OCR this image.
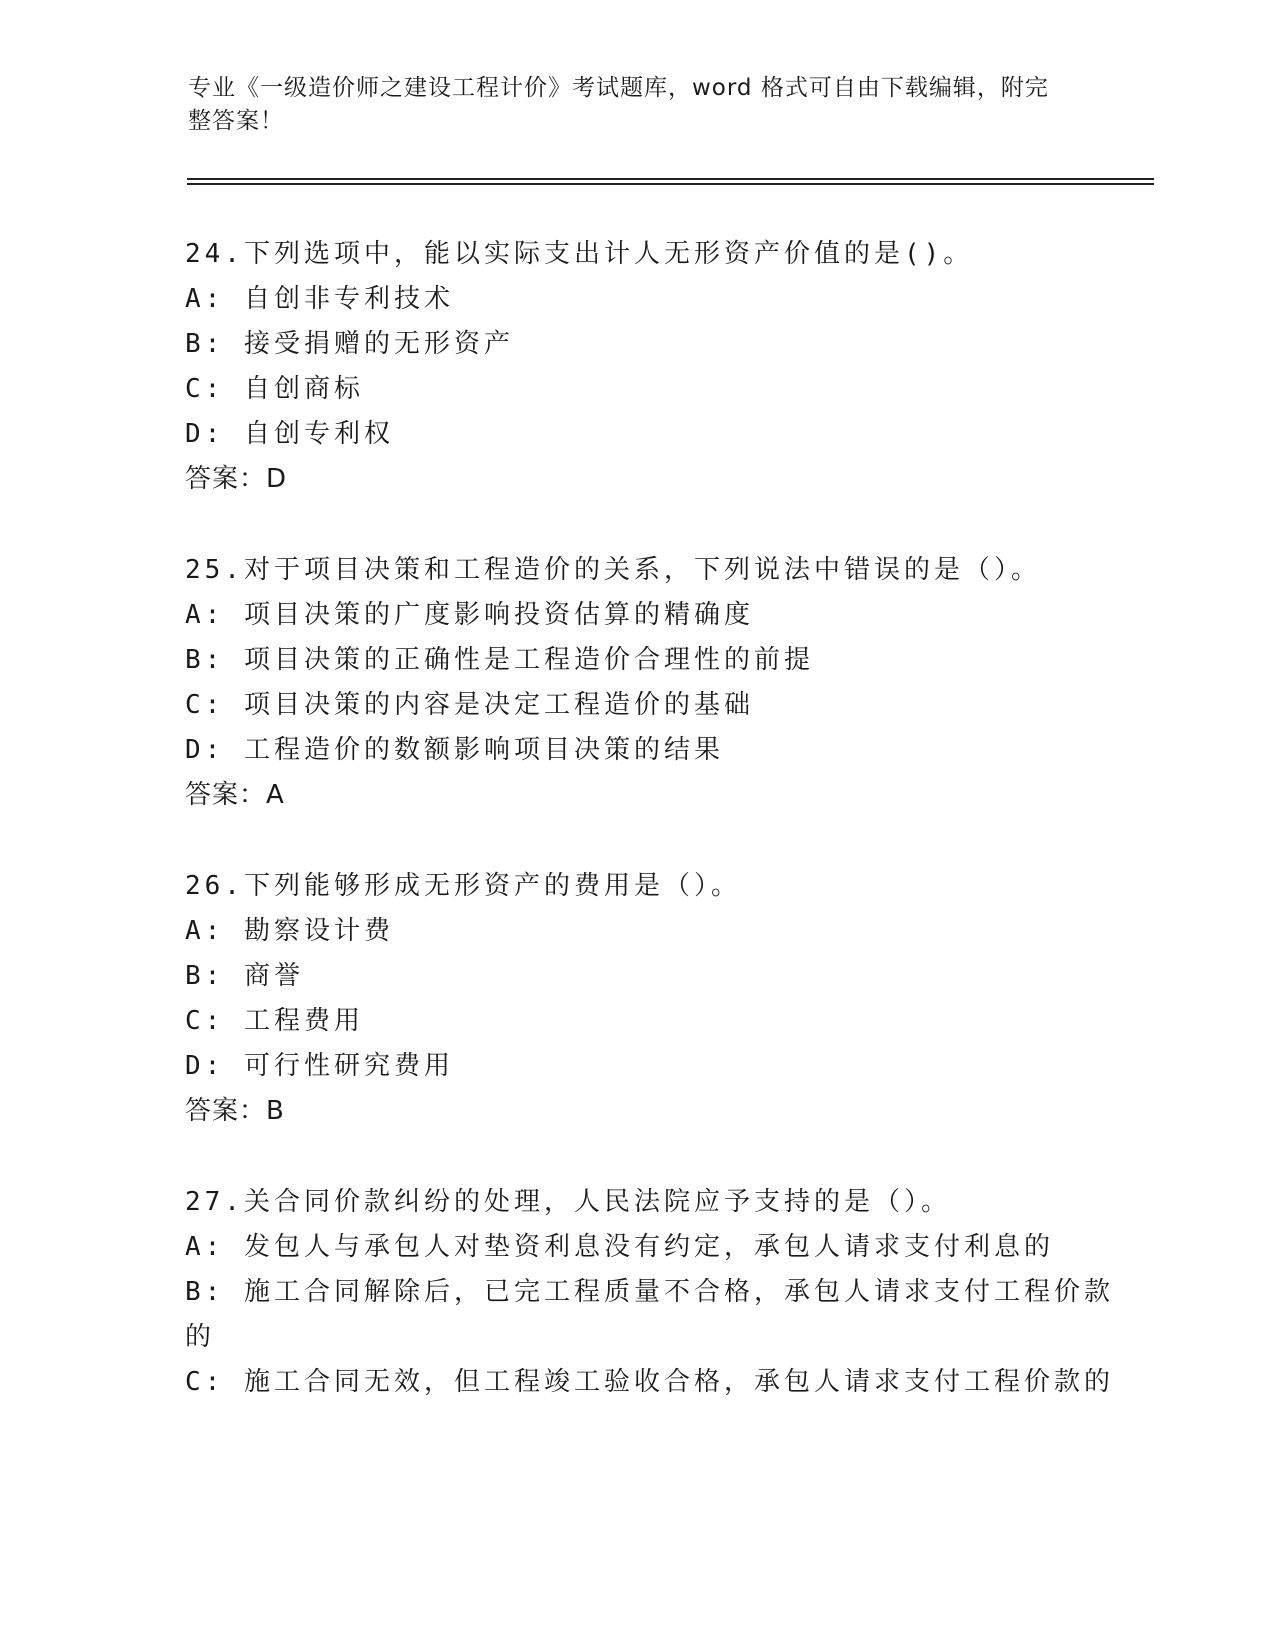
专业《一级造价师之建设工程计价》考试题库，word 格式可自由下载编辑，附完
整答案！
24.下列选项中，能以实际支出计人无形资产价值的是()。
A: 自创非专利技术
B: 接受捐赠的无形资产
C: 自创商标
D: 自创专利权
答案：D
25.对于项目决策和工程造价的关系，下列说法中错误的是（）。
A: 项目决策的广度影响投资估算的精确度
B: 项目决策的正确性是工程造价合理性的前提
C: 项目决策的内容是决定工程造价的基础
D: 工程造价的数额影响项目决策的结果
答案：A
26.下列能够形成无形资产的费用是（）。
A: 勘察设计费
B: 商誉
C: 工程费用
D: 可行性研究费用
答案：B
27.关合同价款纠纷的处理，人民法院应予支持的是（）。
A: 发包人与承包人对垫资利息没有约定，承包人请求支付利息的
B: 施工合同解除后，已完工程质量不合格，承包人请求支付工程价款
的
C: 施工合同无效，但工程竣工验收合格，承包人请求支付工程价款的
